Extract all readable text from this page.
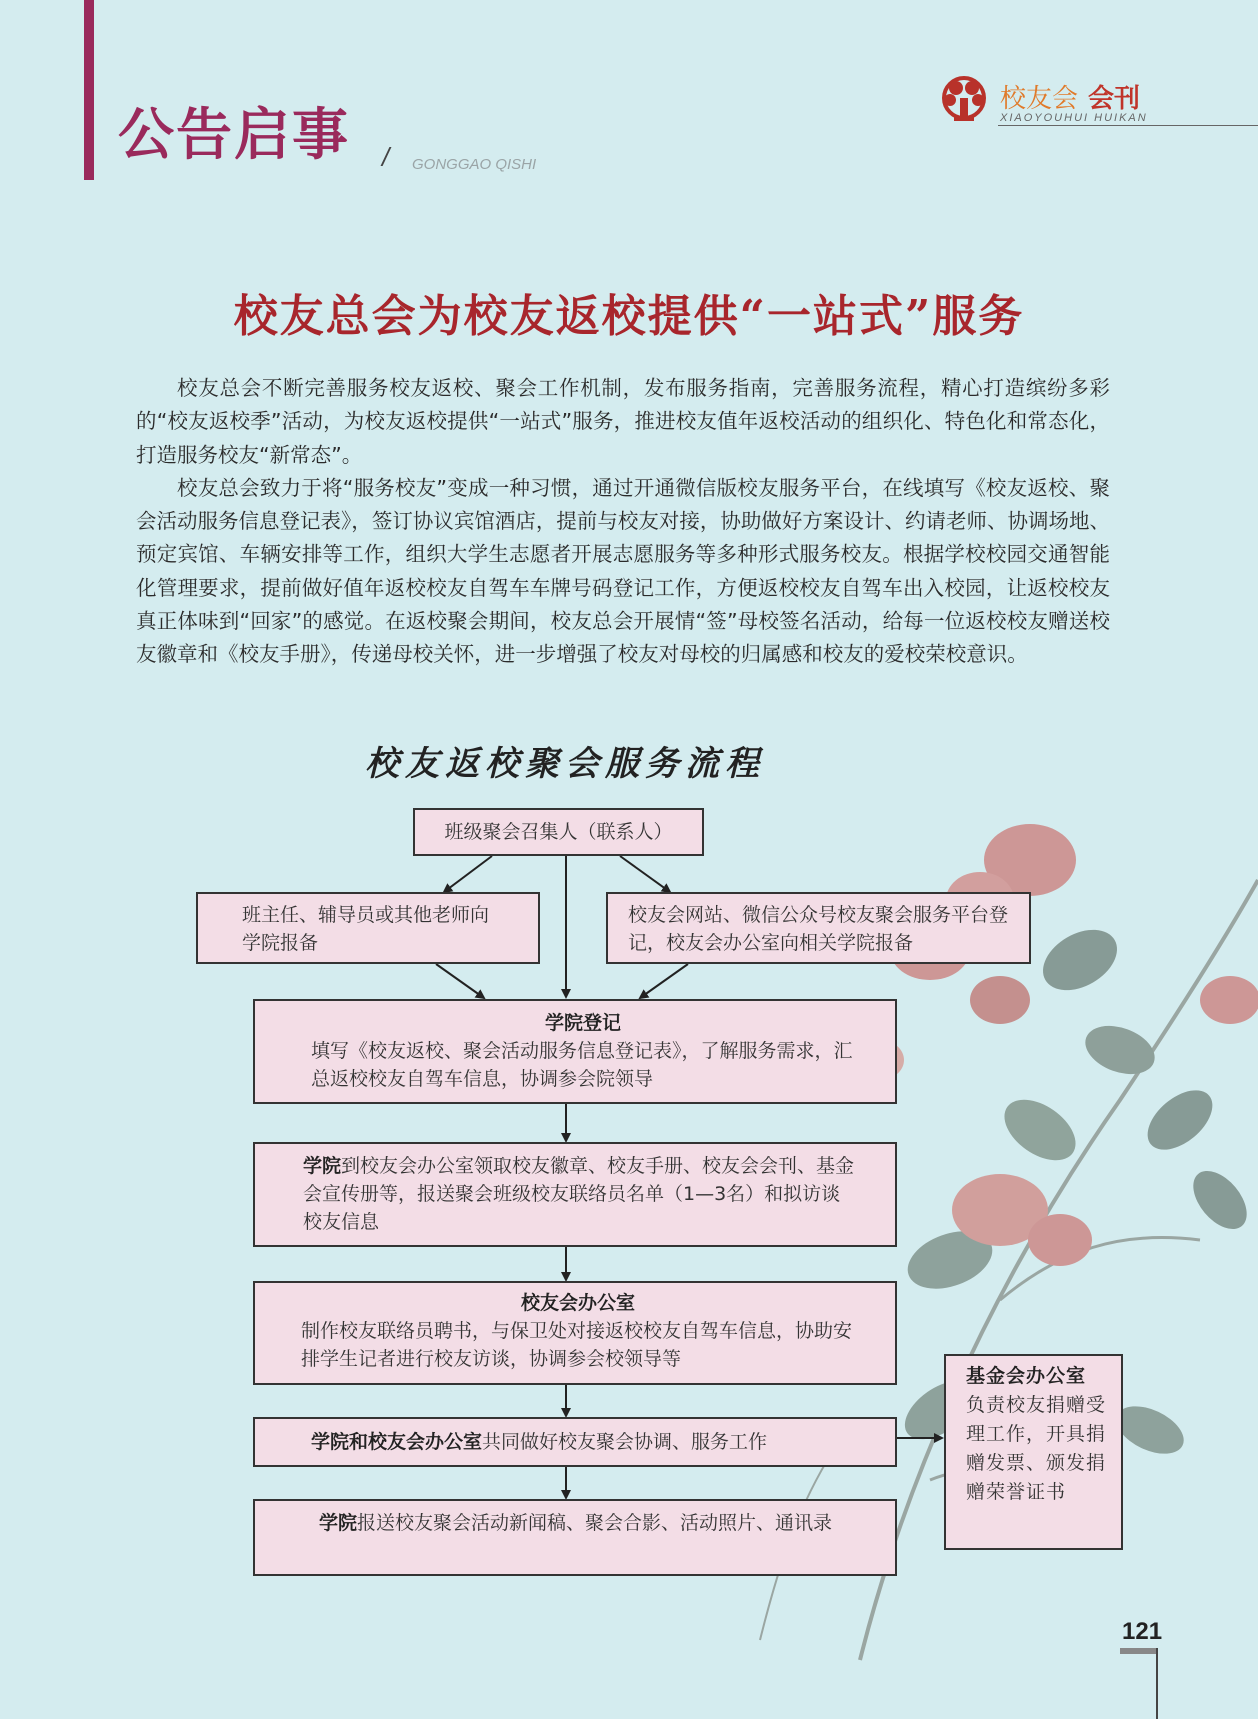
公告启事 / GONGGAO QISHI
校友会 会刊
XIAOYOUHUI HUIKAN
校友总会为校友返校提供“一站式”服务

校友总会不断完善服务校友返校、聚会工作机制，发布服务指南，完善服务流程，精心打造缤纷多彩的“校友返校季”活动，为校友返校提供“一站式”服务，推进校友值年返校活动的组织化、特色化和常态化，打造服务校友“新常态”。

校友总会致力于将“服务校友”变成一种习惯，通过开通微信版校友服务平台，在线填写《校友返校、聚会活动服务信息登记表》，签订协议宾馆酒店，提前与校友对接，协助做好方案设计、约请老师、协调场地、预定宾馆、车辆安排等工作，组织大学生志愿者开展志愿服务等多种形式服务校友。根据学校校园交通智能化管理要求，提前做好值年返校校友自驾车车牌号码登记工作，方便返校校友自驾车出入校园，让返校校友真正体味到“回家”的感觉。在返校聚会期间，校友总会开展情“签”母校签名活动，给每一位返校校友赠送校友徽章和《校友手册》，传递母校关怀，进一步增强了校友对母校的归属感和校友的爱校荣校意识。

校友返校聚会服务流程
班级聚会召集人（联系人）
班主任、辅导员或其他老师向学院报备
校友会网站、微信公众号校友聚会服务平台登记，校友会办公室向相关学院报备
学院登记
填写《校友返校、聚会活动服务信息登记表》，了解服务需求，汇总返校校友自驾车信息，协调参会院领导
学院到校友会办公室领取校友徽章、校友手册、校友会会刊、基金会宣传册等，报送聚会班级校友联络员名单（1—3名）和拟访谈校友信息
校友会办公室
制作校友联络员聘书，与保卫处对接返校校友自驾车信息，协助安排学生记者进行校友访谈，协调参会校领导等
学院和校友会办公室共同做好校友聚会协调、服务工作
学院报送校友聚会活动新闻稿、聚会合影、活动照片、通讯录
基金会办公室
负责校友捐赠受理工作，开具捐赠发票、颁发捐赠荣誉证书
121
